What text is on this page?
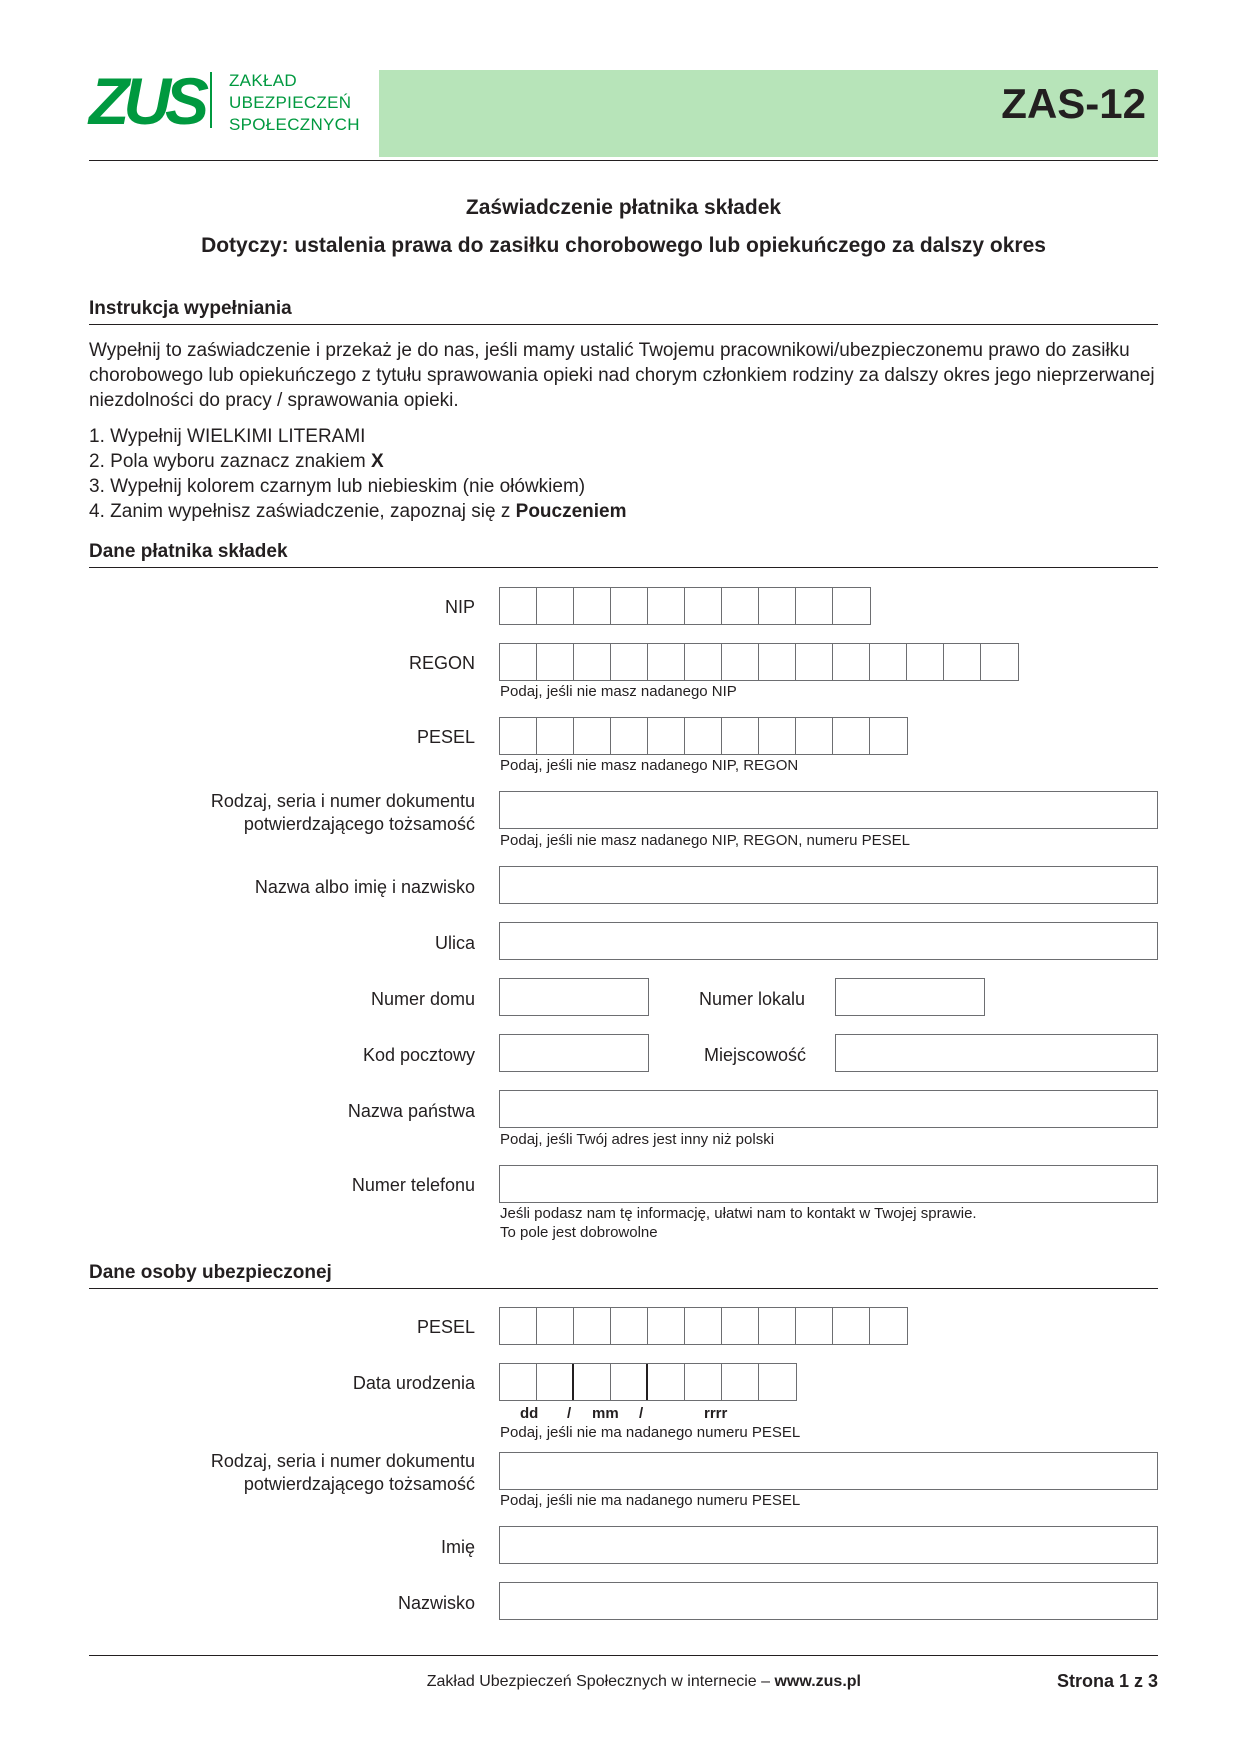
ZUS	ZAKŁAD
UBEZPIECZEŃ
SPOŁECZNYCH	ZAS-12
Zaświadczenie płatnika składek
Dotyczy: ustalenia prawa do zasiłku chorobowego lub opiekuńczego za dalszy okres
Instrukcja wypełniania
Wypełnij to zaświadczenie i przekaż je do nas, jeśli mamy ustalić Twojemu pracownikowi/ubezpieczonemu prawo do zasiłku chorobowego lub opiekuńczego z tytułu sprawowania opieki nad chorym członkiem rodziny za dalszy okres jego nieprzerwanej niezdolności do pracy / sprawowania opieki.
1. Wypełnij WIELKIMI LITERAMI
2. Pola wyboru zaznacz znakiem X
3. Wypełnij kolorem czarnym lub niebieskim (nie ołówkiem)
4. Zanim wypełnisz zaświadczenie, zapoznaj się z Pouczeniem
Dane płatnika składek
NIP
REGON
Podaj, jeśli nie masz nadanego NIP
PESEL
Podaj, jeśli nie masz nadanego NIP, REGON
Rodzaj, seria i numer dokumentu
potwierdzającego tożsamość
Podaj, jeśli nie masz nadanego NIP, REGON, numeru PESEL
Nazwa albo imię i nazwisko
Ulica
Numer domu	Numer lokalu
Kod pocztowy	Miejscowość
Nazwa państwa
Podaj, jeśli Twój adres jest inny niż polski
Numer telefonu
Jeśli podasz nam tę informację, ułatwi nam to kontakt w Twojej sprawie.
To pole jest dobrowolne
Dane osoby ubezpieczonej
PESEL
Data urodzenia
dd / mm /	rrrr
Podaj, jeśli nie ma nadanego numeru PESEL
Rodzaj, seria i numer dokumentu
potwierdzającego tożsamość
Podaj, jeśli nie ma nadanego numeru PESEL
Imię
Nazwisko
Zakład Ubezpieczeń Społecznych w internecie – www.zus.pl	Strona 1 z 3
